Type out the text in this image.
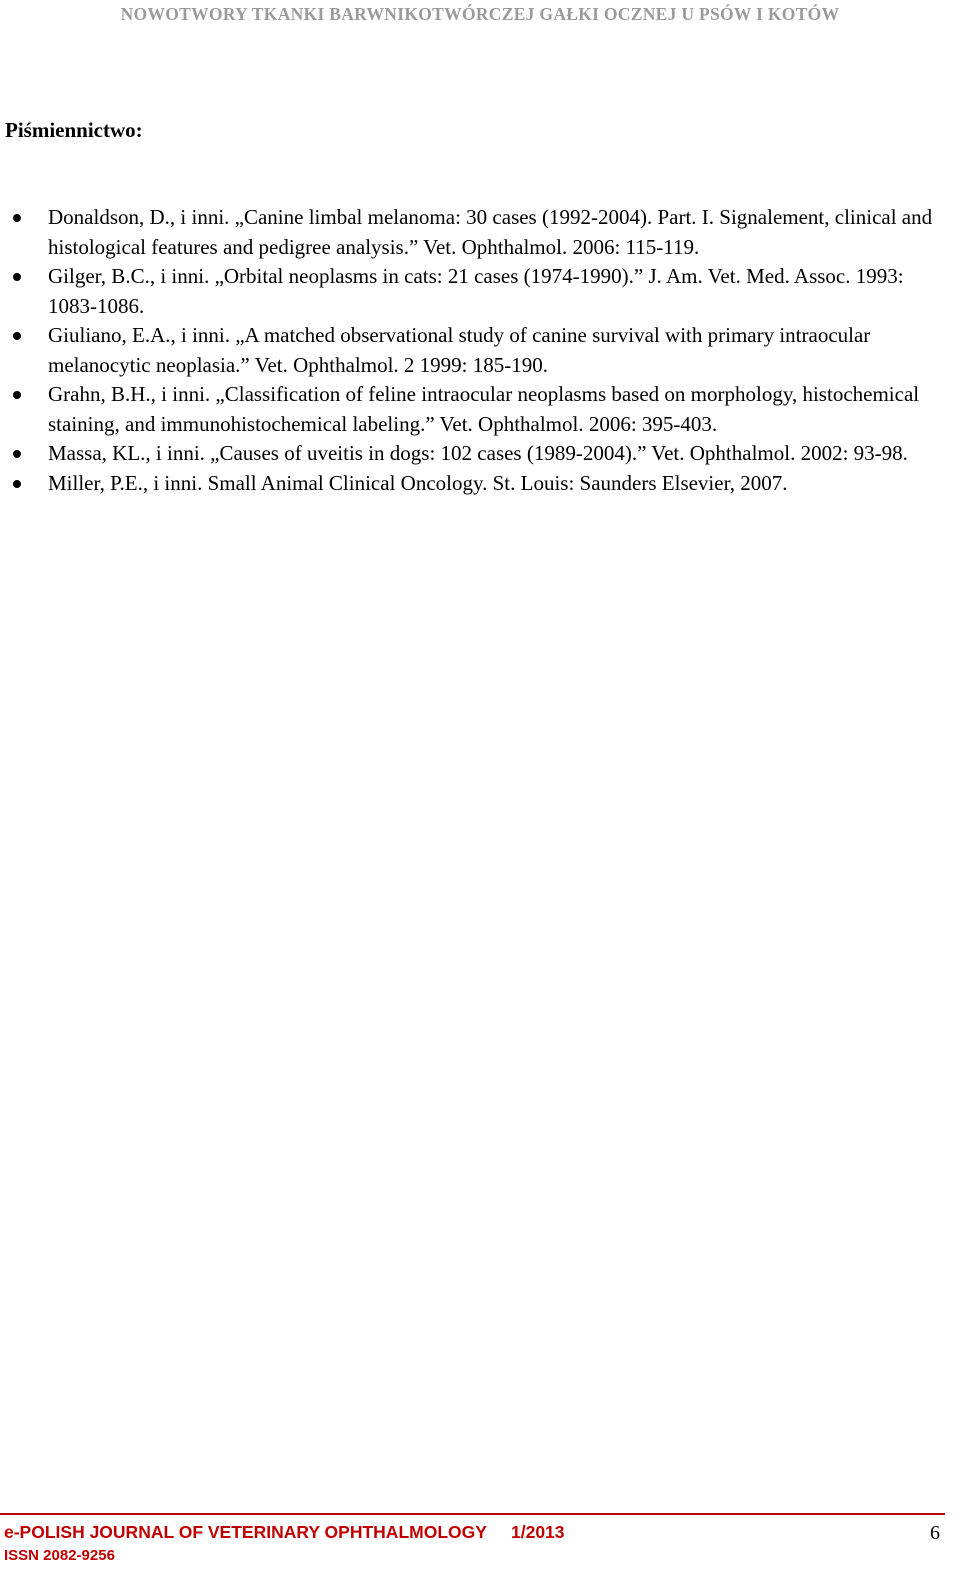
NOWOTWORY TKANKI BARWNIKOTWÓRCZEJ GAŁKI OCZNEJ U PSÓW I KOTÓW
Piśmiennictwo:
Donaldson, D., i inni. „Canine limbal melanoma: 30 cases (1992-2004). Part. I. Signalement, clinical and histological features and pedigree analysis.” Vet. Ophthalmol. 2006: 115-119.
Gilger, B.C., i inni. „Orbital neoplasms in cats: 21 cases (1974-1990).” J. Am. Vet. Med. Assoc. 1993: 1083-1086.
Giuliano, E.A., i inni. „A matched observational study of canine survival with primary intraocular melanocytic neoplasia.” Vet. Ophthalmol. 2 1999: 185-190.
Grahn, B.H., i inni. „Classification of feline intraocular neoplasms based on morphology, histochemical staining, and immunohistochemical labeling.” Vet. Ophthalmol. 2006: 395-403.
Massa, KL., i inni. „Causes of uveitis in dogs: 102 cases (1989-2004).” Vet. Ophthalmol. 2002: 93-98.
Miller, P.E., i inni. Small Animal Clinical Oncology. St. Louis: Saunders Elsevier, 2007.
e-POLISH JOURNAL OF VETERINARY OPHTHALMOLOGY 1/2013	6
ISSN 2082-9256
